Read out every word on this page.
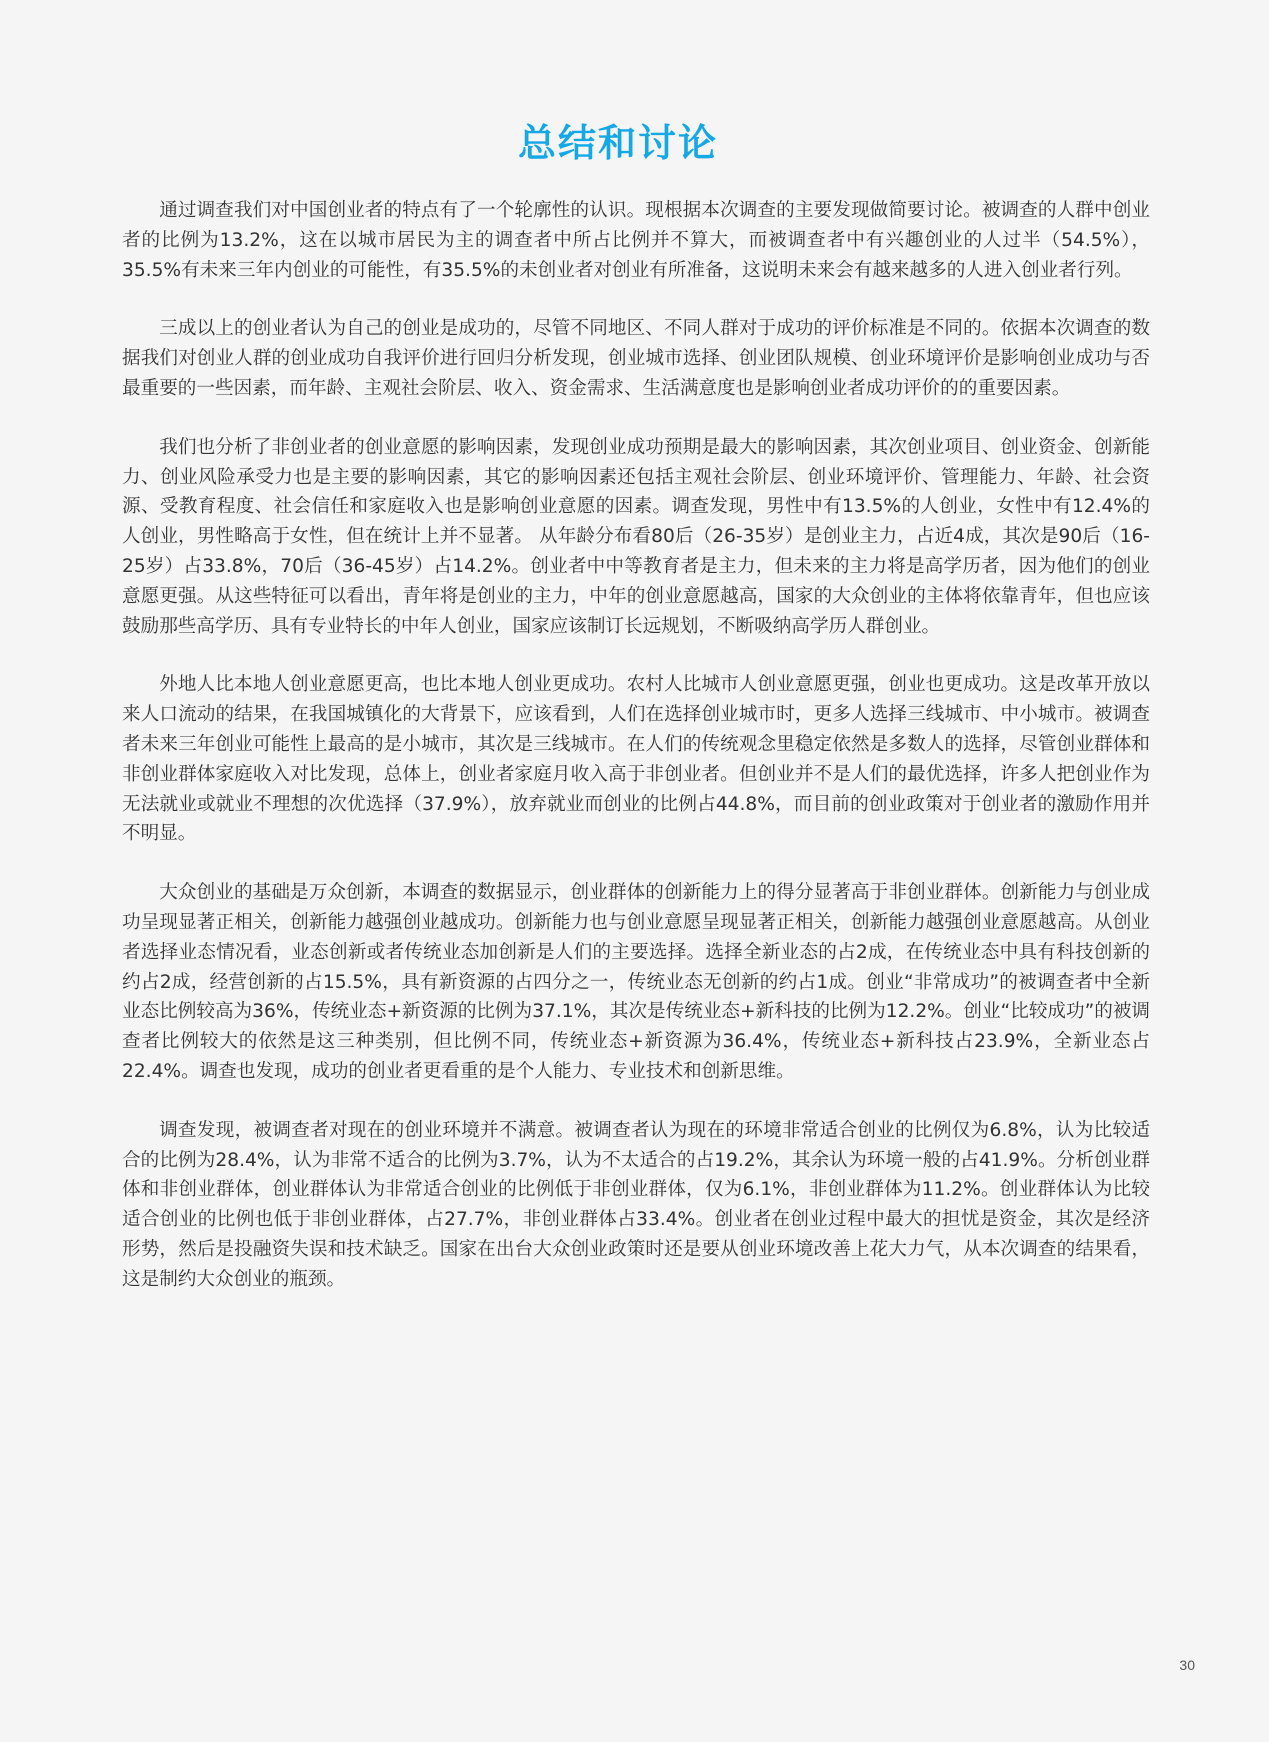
总结和讨论

通过调查我们对中国创业者的特点有了一个轮廓性的认识。现根据本次调查的主要发现做简要讨论。被调查的人群中创业者的比例为13.2%，这在以城市居民为主的调查者中所占比例并不算大，而被调查者中有兴趣创业的人过半（54.5%），35.5%有未来三年内创业的可能性，有35.5%的未创业者对创业有所准备，这说明未来会有越来越多的人进入创业者行列。

三成以上的创业者认为自己的创业是成功的，尽管不同地区、不同人群对于成功的评价标准是不同的。依据本次调查的数据我们对创业人群的创业成功自我评价进行回归分析发现，创业城市选择、创业团队规模、创业环境评价是影响创业成功与否最重要的一些因素，而年龄、主观社会阶层、收入、资金需求、生活满意度也是影响创业者成功评价的的重要因素。

我们也分析了非创业者的创业意愿的影响因素，发现创业成功预期是最大的影响因素，其次创业项目、创业资金、创新能力、创业风险承受力也是主要的影响因素，其它的影响因素还包括主观社会阶层、创业环境评价、管理能力、年龄、社会资源、受教育程度、社会信任和家庭收入也是影响创业意愿的因素。调查发现，男性中有13.5%的人创业，女性中有12.4%的人创业，男性略高于女性，但在统计上并不显著。 从年龄分布看80后（26-35岁）是创业主力，占近4成，其次是90后（16-25岁）占33.8%，70后（36-45岁）占14.2%。创业者中中等教育者是主力，但未来的主力将是高学历者，因为他们的创业意愿更强。从这些特征可以看出，青年将是创业的主力，中年的创业意愿越高，国家的大众创业的主体将依靠青年，但也应该鼓励那些高学历、具有专业特长的中年人创业，国家应该制订长远规划，不断吸纳高学历人群创业。

外地人比本地人创业意愿更高，也比本地人创业更成功。农村人比城市人创业意愿更强，创业也更成功。这是改革开放以来人口流动的结果，在我国城镇化的大背景下，应该看到，人们在选择创业城市时，更多人选择三线城市、中小城市。被调查者未来三年创业可能性上最高的是小城市，其次是三线城市。在人们的传统观念里稳定依然是多数人的选择，尽管创业群体和非创业群体家庭收入对比发现，总体上，创业者家庭月收入高于非创业者。但创业并不是人们的最优选择，许多人把创业作为无法就业或就业不理想的次优选择（37.9%），放弃就业而创业的比例占44.8%，而目前的创业政策对于创业者的激励作用并不明显。

大众创业的基础是万众创新，本调查的数据显示，创业群体的创新能力上的得分显著高于非创业群体。创新能力与创业成功呈现显著正相关，创新能力越强创业越成功。创新能力也与创业意愿呈现显著正相关，创新能力越强创业意愿越高。从创业者选择业态情况看，业态创新或者传统业态加创新是人们的主要选择。选择全新业态的占2成，在传统业态中具有科技创新的约占2成，经营创新的占15.5%，具有新资源的占四分之一，传统业态无创新的约占1成。创业“非常成功”的被调查者中全新业态比例较高为36%，传统业态+新资源的比例为37.1%，其次是传统业态+新科技的比例为12.2%。创业“比较成功”的被调查者比例较大的依然是这三种类别，但比例不同，传统业态+新资源为36.4%，传统业态+新科技占23.9%，全新业态占22.4%。调查也发现，成功的创业者更看重的是个人能力、专业技术和创新思维。

调查发现，被调查者对现在的创业环境并不满意。被调查者认为现在的环境非常适合创业的比例仅为6.8%，认为比较适合的比例为28.4%，认为非常不适合的比例为3.7%，认为不太适合的占19.2%，其余认为环境一般的占41.9%。分析创业群体和非创业群体，创业群体认为非常适合创业的比例低于非创业群体，仅为6.1%，非创业群体为11.2%。创业群体认为比较适合创业的比例也低于非创业群体，占27.7%，非创业群体占33.4%。创业者在创业过程中最大的担忧是资金，其次是经济形势，然后是投融资失误和技术缺乏。国家在出台大众创业政策时还是要从创业环境改善上花大力气，从本次调查的结果看，这是制约大众创业的瓶颈。

30
